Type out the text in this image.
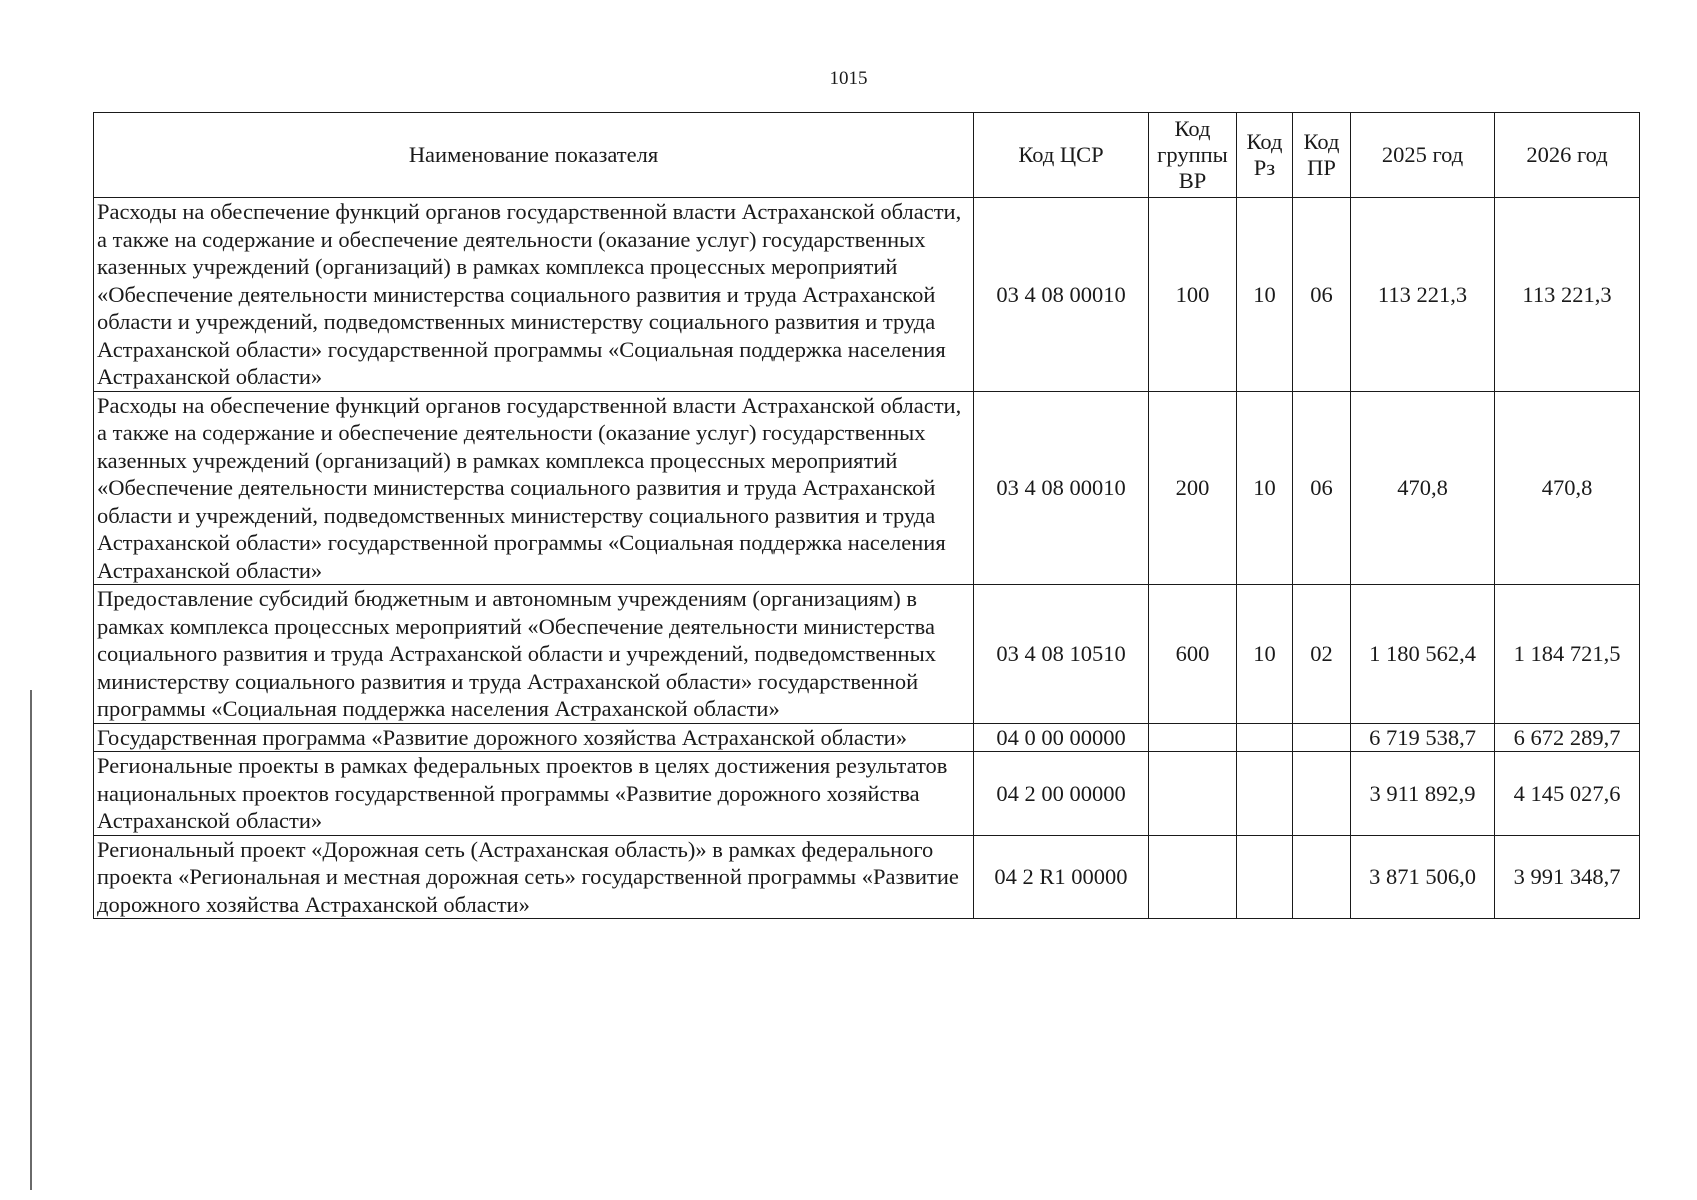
1015
Наименование показателя	Код ЦСР	Код группы ВР	Код Рз	Код ПР	2025 год	2026 год
Расходы на обеспечение функций органов государственной власти Астраханской области, а также на содержание и обеспечение деятельности (оказание услуг) государственных казенных учреждений (организаций) в рамках комплекса процессных мероприятий «Обеспечение деятельности министерства социального развития и труда Астраханской области и учреждений, подведомственных министерству социального развития и труда Астраханской области» государственной программы «Социальная поддержка населения Астраханской области»	03 4 08 00010	100	10	06	113 221,3	113 221,3
Расходы на обеспечение функций органов государственной власти Астраханской области, а также на содержание и обеспечение деятельности (оказание услуг) государственных казенных учреждений (организаций) в рамках комплекса процессных мероприятий «Обеспечение деятельности министерства социального развития и труда Астраханской области и учреждений, подведомственных министерству социального развития и труда Астраханской области» государственной программы «Социальная поддержка населения Астраханской области»	03 4 08 00010	200	10	06	470,8	470,8
Предоставление субсидий бюджетным и автономным учреждениям (организациям) в рамках комплекса процессных мероприятий «Обеспечение деятельности министерства социального развития и труда Астраханской области и учреждений, подведомственных министерству социального развития и труда Астраханской области» государственной программы «Социальная поддержка населения Астраханской области»	03 4 08 10510	600	10	02	1 180 562,4	1 184 721,5
Государственная программа «Развитие дорожного хозяйства Астраханской области»	04 0 00 00000				6 719 538,7	6 672 289,7
Региональные проекты в рамках федеральных проектов в целях достижения результатов национальных проектов государственной программы «Развитие дорожного хозяйства Астраханской области»	04 2 00 00000				3 911 892,9	4 145 027,6
Региональный проект «Дорожная сеть (Астраханская область)» в рамках федерального проекта «Региональная и местная дорожная сеть» государственной программы «Развитие дорожного хозяйства Астраханской области»	04 2 R1 00000				3 871 506,0	3 991 348,7
